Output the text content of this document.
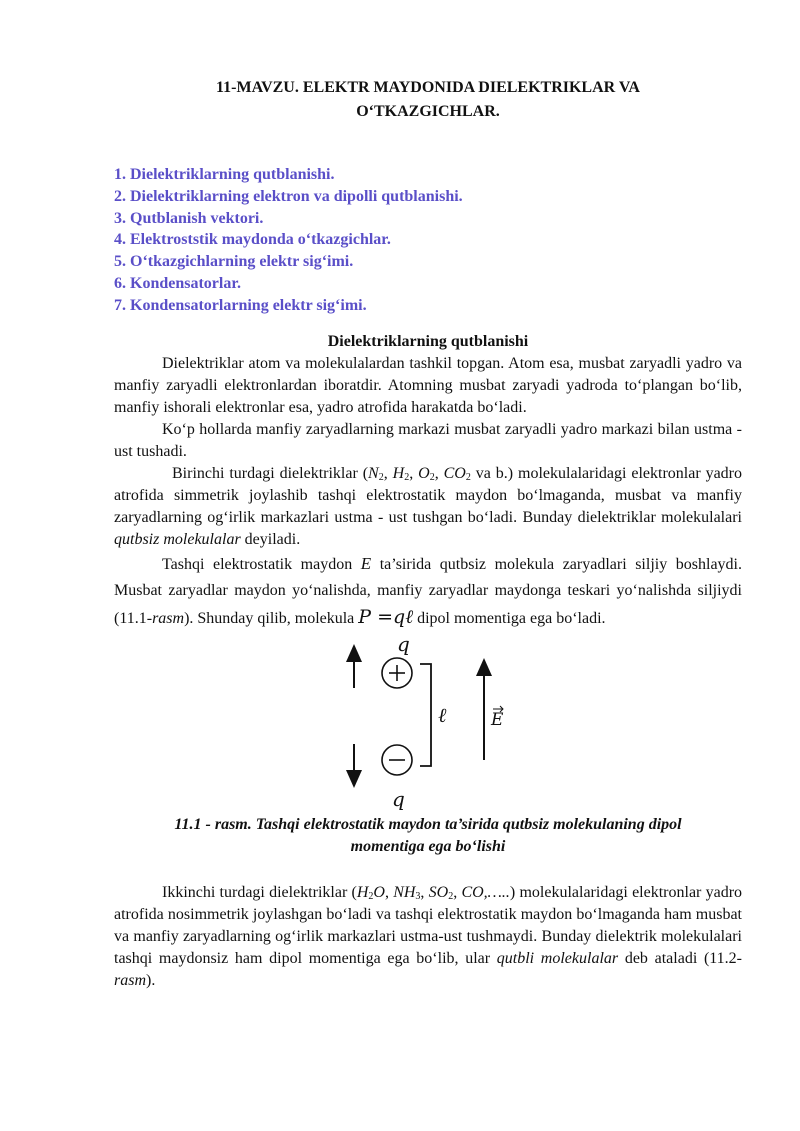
11-MAVZU. ELEKTR MAYDONIDA DIELEKTRIKLAR VA
O‘TKAZGICHLAR.
1. Dielektriklarning qutblanishi.
2. Dielektriklarning elektron va dipolli qutblanishi.
3. Qutblanish vektori.
4. Elektroststik maydonda o‘tkazgichlar.
5. O‘tkazgichlarning elektr sig‘imi.
6. Kondensatorlar.
7. Kondensatorlarning elektr sig‘imi.
Dielektriklarning qutblanishi

Dielektriklar atom va molekulalardan tashkil topgan. Atom esa, musbat zaryadli yadro va manfiy zaryadli elektronlardan iboratdir. Atomning musbat zaryadi yadroda to‘plangan bo‘lib, manfiy ishorali elektronlar esa, yadro atrofida harakatda bo‘ladi.

Ko‘p hollarda manfiy zaryadlarning markazi musbat zaryadli yadro markazi bilan ustma - ust tushadi.

Birinchi turdagi dielektriklar ($N_2$, $H_2$, $O_2$, $CO_2$ va b.) molekulalaridagi elektronlar yadro atrofida simmetrik joylashib tashqi elektrostatik maydon bo‘lmaganda, musbat va manfiy zaryadlarning og‘irlik markazlari ustma - ust tushgan bo‘ladi. Bunday dielektriklar molekulalari qutbsiz molekulalar deyiladi.

Tashqi elektrostatik maydon E ta’sirida qutbsiz molekula zaryadlari siljiy boshlaydi. Musbat zaryadlar maydon yo‘nalishda, manfiy zaryadlar maydonga teskari yo‘nalishda siljiydi (11.1-rasm). Shunday qilib, molekula P =qℓ dipol momentiga ega bo‘ladi.

q
ℓ	E
q
11.1 - rasm. Tashqi elektrostatik maydon ta’sirida qutbsiz molekulaning dipol
momentiga ega bo‘lishi

Ikkinchi turdagi dielektriklar ($H_2O$, $NH_3$, $SO_2$, CO,…..) molekulalaridagi elektronlar yadro atrofida nosimmetrik joylashgan bo‘ladi va tashqi elektrostatik maydon bo‘lmaganda ham musbat va manfiy zaryadlarning og‘irlik markazlari ustma-ust tushmaydi. Bunday dielektrik molekulalari tashqi maydonsiz ham dipol momentiga ega bo‘lib, ular qutbli molekulalar deb ataladi (11.2-rasm).
